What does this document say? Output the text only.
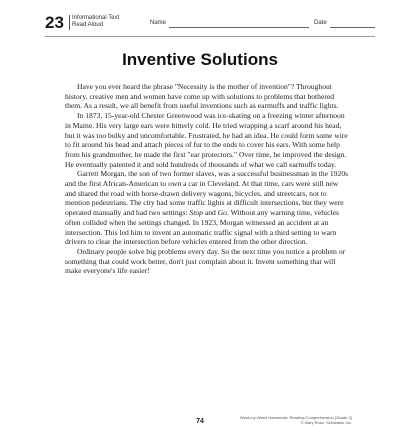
23 Informational Text
Read Aloud	Name	Date
Inventive Solutions

Have you ever heard the phrase "Necessity is the mother of invention"? Throughout history, creative men and women have come up with solutions to problems that bothered them. As a result, we all benefit from useful inventions such as earmuffs and traffic lights.

In 1873, 15-year-old Chester Greenwood was ice-skating on a freezing winter afternoon in Maine. His very large ears were bitterly cold. He tried wrapping a scarf around his head, but it was too bulky and uncomfortable. Frustrated, he had an idea. He could form some wire to fit around his head and attach pieces of fur to the ends to cover his ears. With some help from his grandmother, he made the first "ear protectors." Over time, he improved the design. He eventually patented it and sold hundreds of thousands of what we call earmuffs today.

Garrett Morgan, the son of two former slaves, was a successful businessman in the 1920s and the first African-American to own a car in Cleveland. At that time, cars were still new and shared the road with horse-drawn delivery wagons, bicycles, and streetcars, not to mention pedestrians. The city had some traffic lights at difficult intersections, but they were operated manually and had two settings: Stop and Go. Without any warning time, vehicles often collided when the settings changed. In 1923, Morgan witnessed an accident at an intersection. This led him to invent an automatic traffic signal with a third setting to warn drivers to clear the intersection before vehicles entered from the other direction.

Ordinary people solve big problems every day. So the next time you notice a problem or something that could work better, don't just complain about it. Invent something that will make everyone's life easier!

74
Week-by-Week Homework: Reading Comprehension (Grade 3)
© Mary Rose, Scholastic Inc.
